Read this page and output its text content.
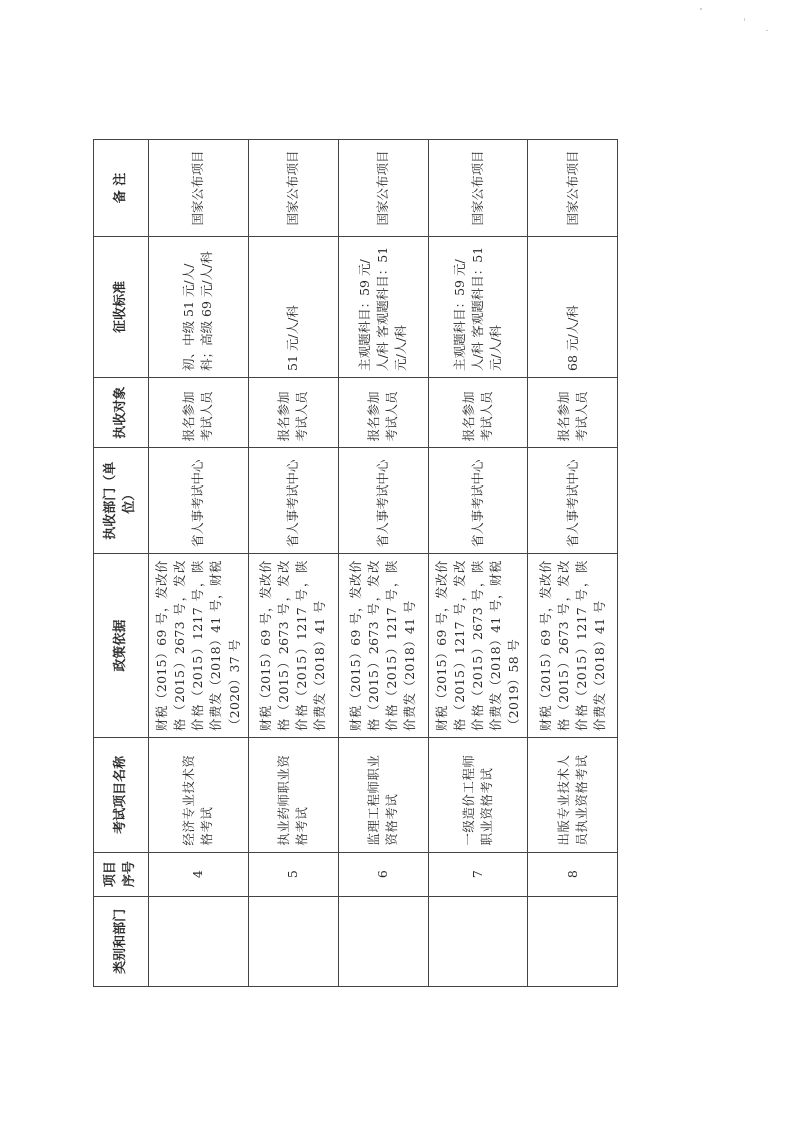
类别和部门	项目序号	考试项目名称	政策依据	执收部门（单位）	执收对象	征收标准	备 注
	4	经济专业技术资格考试	财税（2015）69 号，发改价格（2015）2673 号，发改价格（2015）1217 号，陕价费发（2018）41 号，财税（2020）37 号	省人事考试中心	报名参加考试人员	初、中级 51 元/人/科；高级 69 元/人/科	国家公布项目
	5	执业药师职业资格考试	财税（2015）69 号，发改价格（2015）2673 号，发改价格（2015）1217 号，陕价费发（2018）41 号	省人事考试中心	报名参加考试人员	51 元/人/科	国家公布项目
	6	监理工程师职业资格考试	财税（2015）69 号，发改价格（2015）2673 号，发改价格（2015）1217 号，陕价费发（2018）41 号	省人事考试中心	报名参加考试人员	主观题科目：59 元/人/科 客观题科目：51 元/人/科	国家公布项目
	7	一级造价工程师职业资格考试	财税（2015）69 号，发改价格（2015）1217 号，发改价格（2015）2673 号，陕价费发（2018）41 号，财税（2019）58 号	省人事考试中心	报名参加考试人员	主观题科目：59 元/人/科 客观题科目：51 元/人/科	国家公布项目
	8	出版专业技术人员执业资格考试	财税（2015）69 号，发改价格（2015）2673 号，发改价格（2015）1217 号，陕价费发（2018）41 号	省人事考试中心	报名参加考试人员	68 元/人/科	国家公布项目
